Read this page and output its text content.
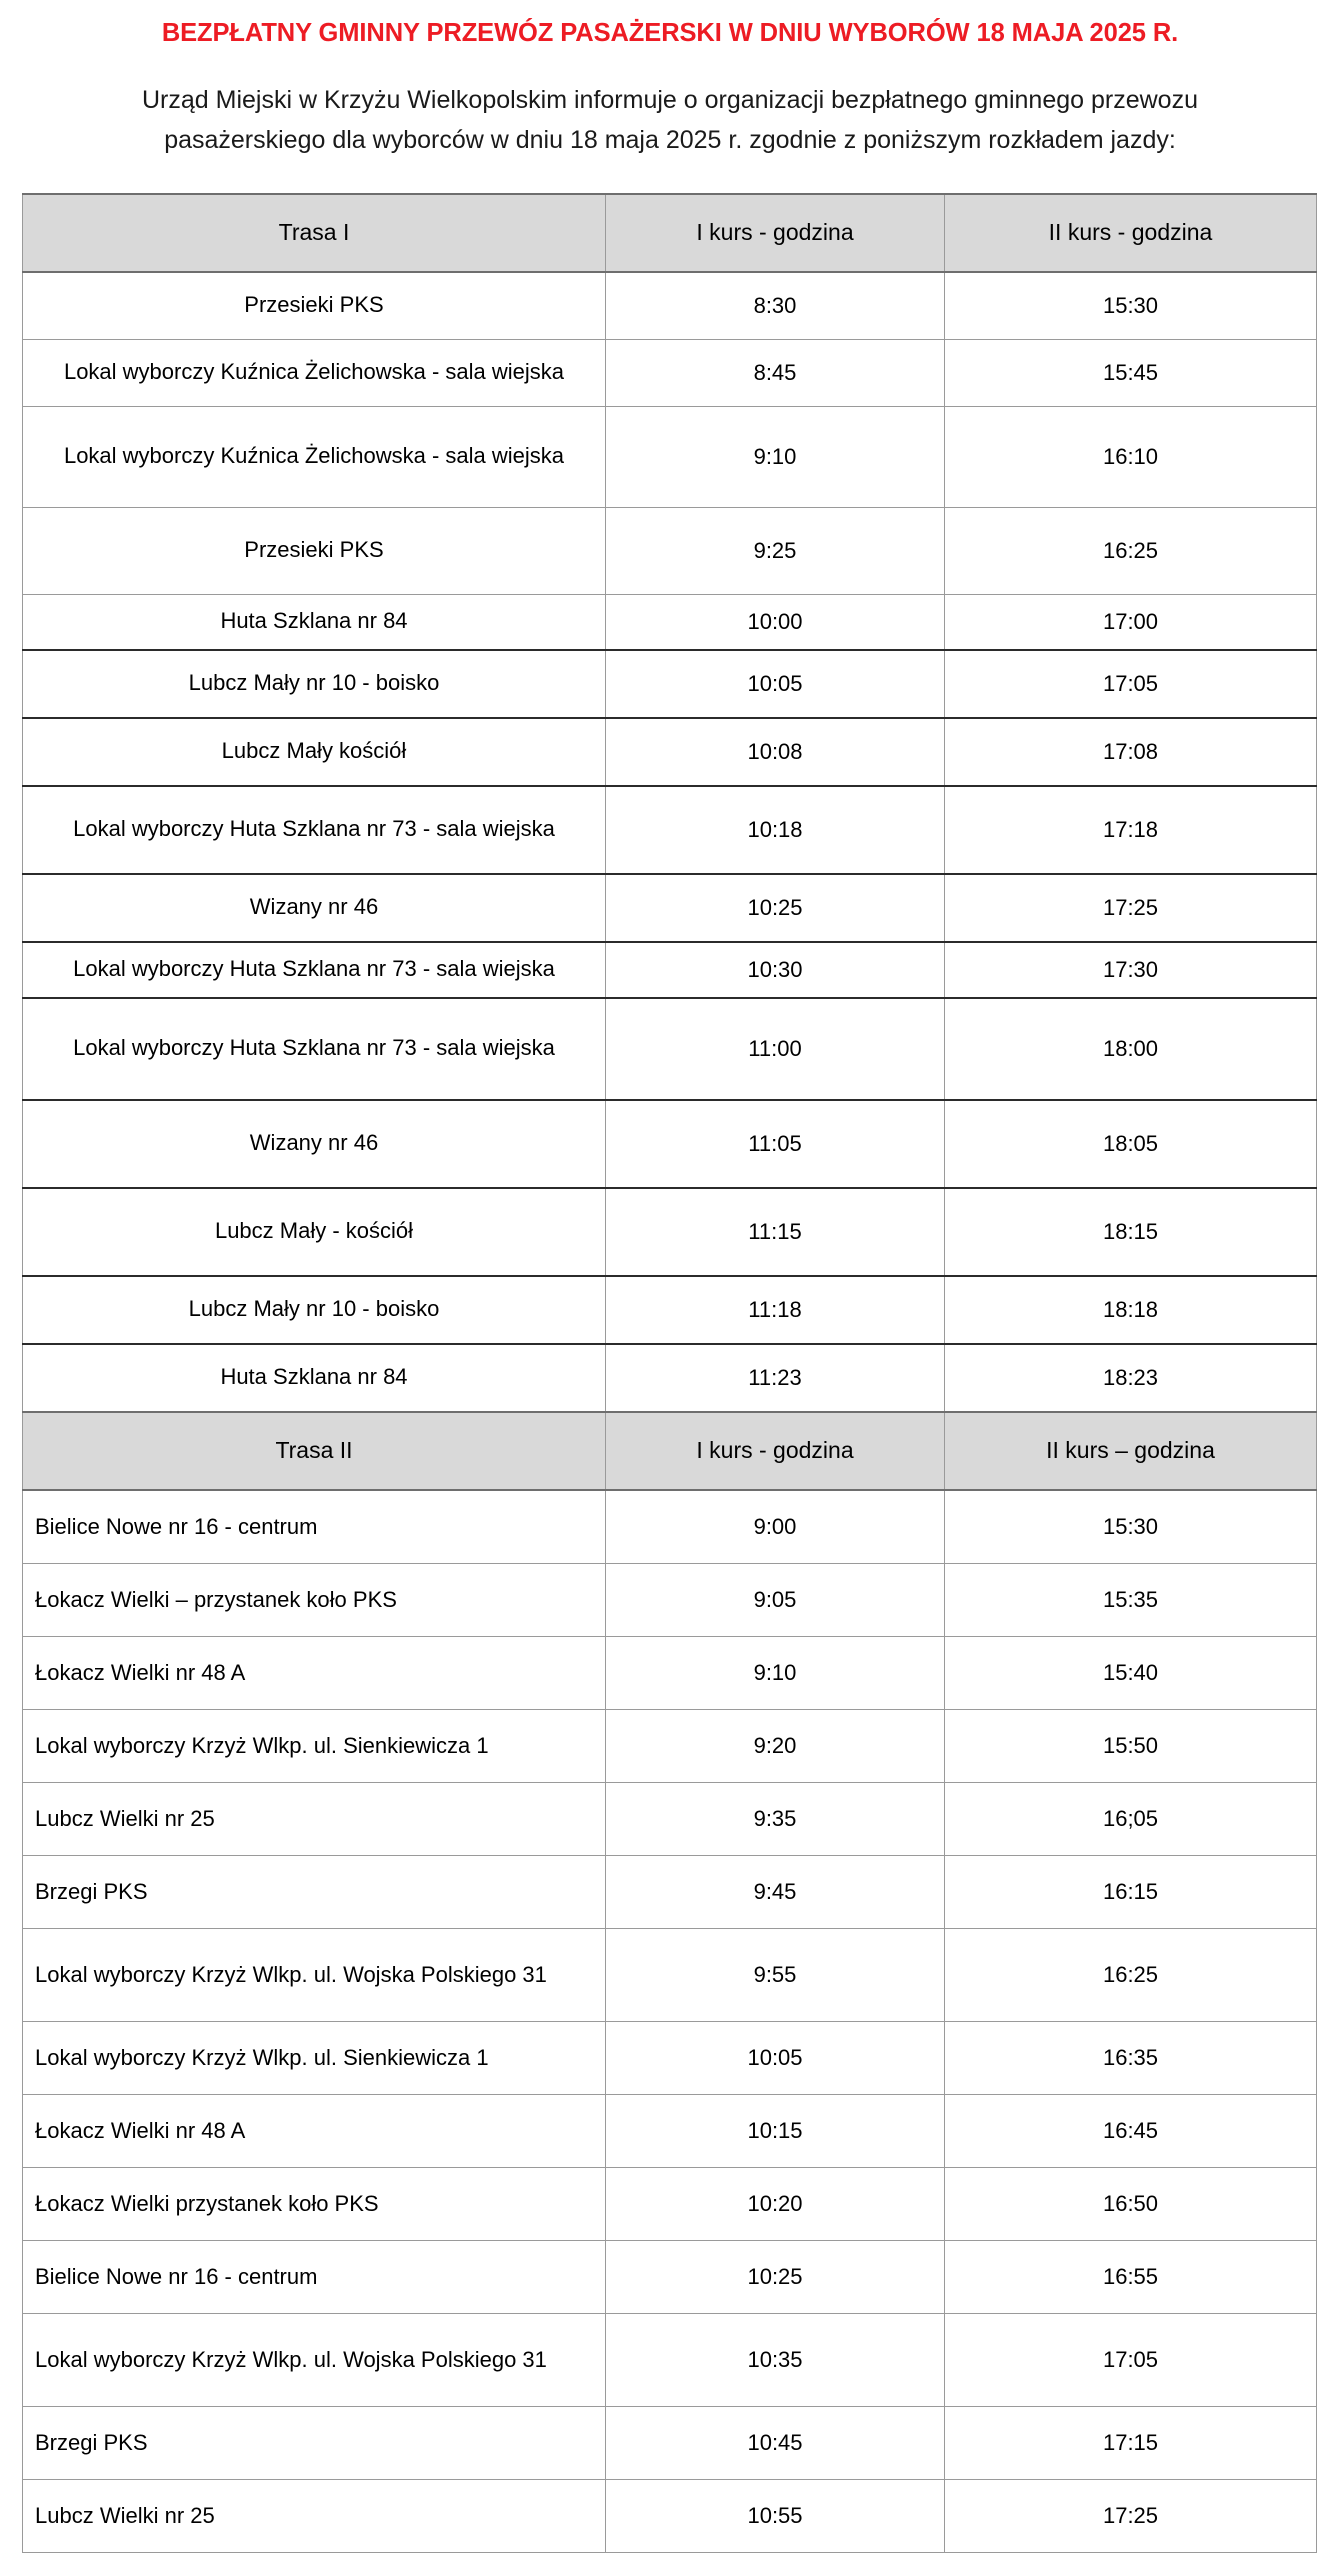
BEZPŁATNY GMINNY PRZEWÓZ PASAŻERSKI W DNIU WYBORÓW 18 MAJA 2025 R.

Urząd Miejski w Krzyżu Wielkopolskim informuje o organizacji bezpłatnego gminnego przewozu
pasażerskiego dla wyborców w dniu 18 maja 2025 r. zgodnie z poniższym rozkładem jazdy:

Trasa I	I kurs - godzina	II kurs - godzina
Przesieki PKS	8:30	15:30
Lokal wyborczy Kuźnica Żelichowska - sala wiejska	8:45	15:45
Lokal wyborczy Kuźnica Żelichowska - sala wiejska	9:10	16:10
Przesieki PKS	9:25	16:25
Huta Szklana nr 84	10:00	17:00
Lubcz Mały nr 10 - boisko	10:05	17:05
Lubcz Mały kościół	10:08	17:08
Lokal wyborczy Huta Szklana nr 73 - sala wiejska	10:18	17:18
Wizany nr 46	10:25	17:25
Lokal wyborczy Huta Szklana nr 73 - sala wiejska	10:30	17:30
Lokal wyborczy Huta Szklana nr 73 - sala wiejska	11:00	18:00
Wizany nr 46	11:05	18:05
Lubcz Mały - kościół	11:15	18:15
Lubcz Mały nr 10 - boisko	11:18	18:18
Huta Szklana nr 84	11:23	18:23
Trasa II	I kurs - godzina	II kurs – godzina
Bielice Nowe nr 16 - centrum	9:00	15:30
Łokacz Wielki – przystanek koło PKS	9:05	15:35
Łokacz Wielki nr 48 A	9:10	15:40
Lokal wyborczy Krzyż Wlkp. ul. Sienkiewicza 1	9:20	15:50
Lubcz Wielki nr 25	9:35	16;05
Brzegi PKS	9:45	16:15
Lokal wyborczy Krzyż Wlkp. ul. Wojska Polskiego 31	9:55	16:25
Lokal wyborczy Krzyż Wlkp. ul. Sienkiewicza 1	10:05	16:35
Łokacz Wielki nr 48 A	10:15	16:45
Łokacz Wielki przystanek koło PKS	10:20	16:50
Bielice Nowe nr 16 - centrum	10:25	16:55
Lokal wyborczy Krzyż Wlkp. ul. Wojska Polskiego 31	10:35	17:05
Brzegi PKS	10:45	17:15
Lubcz Wielki nr 25	10:55	17:25
